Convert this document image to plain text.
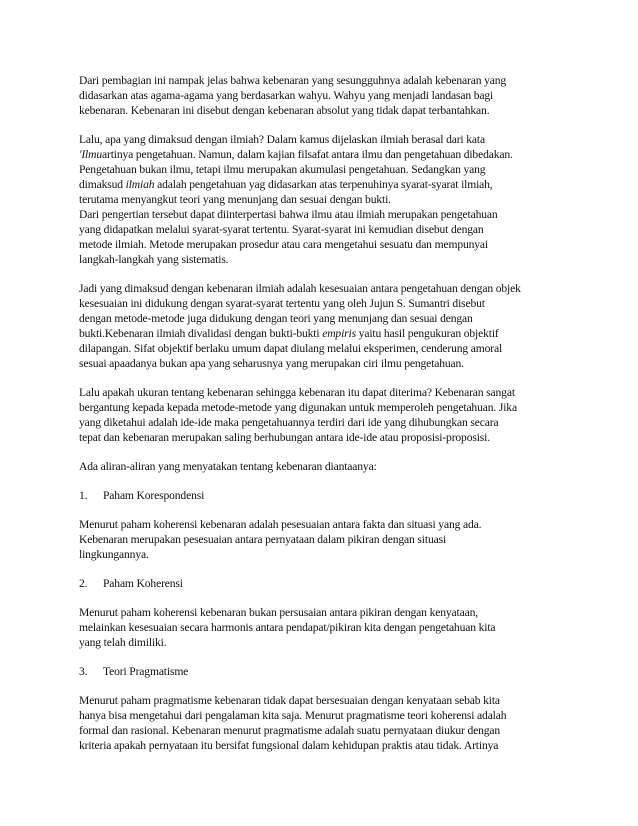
Dari pembagian ini nampak jelas bahwa kebenaran yang sesungguhnya adalah kebenaran yang
didasarkan atas agama-agama yang berdasarkan wahyu. Wahyu yang menjadi landasan bagi
kebenaran. Kebenaran ini disebut dengan kebenaran absolut yang tidak dapat terbantahkan.

Lalu, apa yang dimaksud dengan ilmiah? Dalam kamus dijelaskan ilmiah berasal dari kata
'Ilmuartinya pengetahuan. Namun, dalam kajian filsafat antara ilmu dan pengetahuan dibedakan.
Pengetahuan bukan ilmu, tetapi ilmu merupakan akumulasi pengetahuan. Sedangkan yang
dimaksud ilmiah adalah pengetahuan yag didasarkan atas terpenuhinya syarat-syarat ilmiah,
terutama menyangkut teori yang menunjang dan sesuai dengan bukti.

Dari pengertian tersebut dapat diinterpertasi bahwa ilmu atau ilmiah merupakan pengetahuan
yang didapatkan melalui syarat-syarat tertentu. Syarat-syarat ini kemudian disebut dengan
metode ilmiah. Metode merupakan prosedur atau cara mengetahui sesuatu dan mempunyai
langkah-langkah yang sistematis.

Jadi yang dimaksud dengan kebenaran ilmiah adalah kesesuaian antara pengetahuan dengan objek
kesesuaian ini didukung dengan syarat-syarat tertentu yang oleh Jujun S. Sumantri disebut
dengan metode-metode juga didukung dengan teori yang menunjang dan sesuai dengan
bukti.Kebenaran ilmiah divalidasi dengan bukti-bukti empiris yaitu hasil pengukuran objektif
dilapangan. Sifat objektif berlaku umum dapat diulang melalui eksperimen, cenderung amoral
sesuai apaadanya bukan apa yang seharusnya yang merupakan ciri ilmu pengetahuan.

Lalu apakah ukuran tentang kebenaran sehingga kebenaran itu dapat diterima? Kebenaran sangat
bergantung kepada kepada metode-metode yang digunakan untuk memperoleh pengetahuan. Jika
yang diketahui adalah ide-ide maka pengetahuannya terdiri dari ide yang dihubungkan secara
tepat dan kebenaran merupakan saling berhubungan antara ide-ide atau proposisi-proposisi.

Ada aliran-aliran yang menyatakan tentang kebenaran diantaanya:

1. Paham Korespondensi

Menurut paham koherensi kebenaran adalah pesesuaian antara fakta dan situasi yang ada.
Kebenaran merupakan pesesuaian antara pernyataan dalam pikiran dengan situasi
lingkungannya.

2. Paham Koherensi

Menurut paham koherensi kebenaran bukan persusaian antara pikiran dengan kenyataan,
melainkan kesesuaian secara harmonis antara pendapat/pikiran kita dengan pengetahuan kita
yang telah dimiliki.

3. Teori Pragmatisme

Menurut paham pragmatisme kebenaran tidak dapat bersesuaian dengan kenyataan sebab kita
hanya bisa mengetahui dari pengalaman kita saja. Menurut pragmatisme teori koherensi adalah
formal dan rasional. Kebenaran menurut pragmatisme adalah suatu pernyataan diukur dengan
kriteria apakah pernyataan itu bersifat fungsional dalam kehidupan praktis atau tidak. Artinya
